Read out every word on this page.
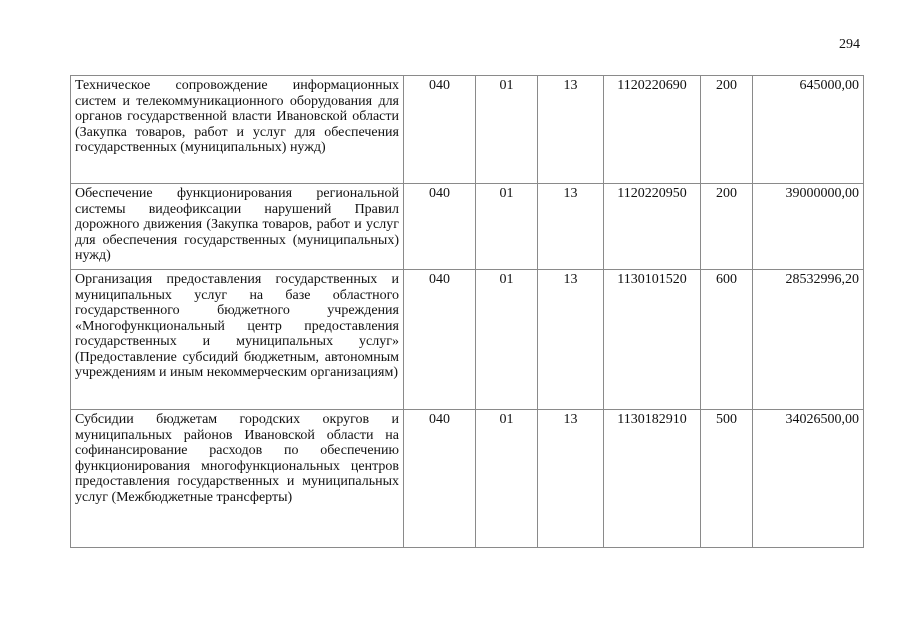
294
Техническое сопровождение информационных систем и телекоммуникационного оборудования для органов государственной власти Ивановской области (Закупка товаров, работ и услуг для обеспечения государственных (муниципальных) нужд)	040	01	13	1120220690	200	645000,00
Обеспечение функционирования региональной системы видеофиксации нарушений Правил дорожного движения (Закупка товаров, работ и услуг для обеспечения государственных (муниципальных) нужд)	040	01	13	1120220950	200	39000000,00
Организация предоставления государственных и муниципальных услуг на базе областного государственного бюджетного учреждения «Многофункциональный центр предоставления государственных и муниципальных услуг» (Предоставление субсидий бюджетным, автономным учреждениям и иным некоммерческим организациям)	040	01	13	1130101520	600	28532996,20
Субсидии бюджетам городских округов и муниципальных районов Ивановской области на софинансирование расходов по обеспечению функционирования многофункциональных центров предоставления государственных и муниципальных услуг (Межбюджетные трансферты)	040	01	13	1130182910	500	34026500,00
